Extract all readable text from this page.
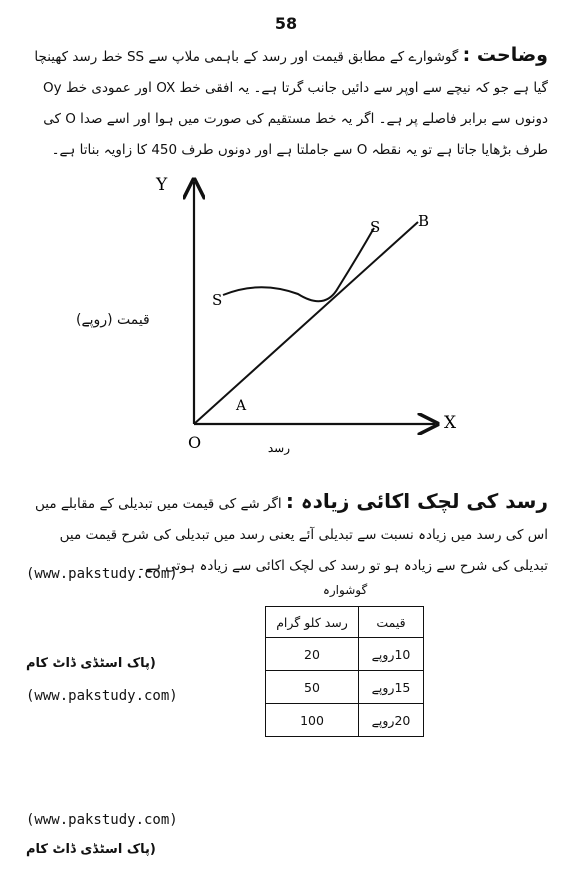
58
وضاحت : گوشوارے کے مطابق قیمت اور رسد کے باہمی ملاپ سے SS خط رسد کھینچا گیا ہے جو کہ نیچے سے اوپر سے دائیں جانب گرتا ہے۔ یہ افقی خط OX اور عمودی خط Oy دونوں سے برابر فاصلے پر ہے۔ اگر یہ خط مستقیم کی صورت میں ہوا اور اسے صدا O کی طرف بڑھایا جاتا ہے تو یہ نقطہ O سے جاملتا ہے اور دونوں طرف 450 کا زاویہ بناتا ہے۔
Y
X
O
S
S	B
A
رسد
قیمت (روپے)
رسد کی لچک اکائی زیادہ : اگر شے کی قیمت میں تبدیلی کے مقابلے میں اس کی رسد میں زیادہ نسبت سے تبدیلی آئے یعنی رسد میں تبدیلی کی شرح قیمت میں تبدیلی کی شرح سے زیادہ ہو تو رسد کی لچک اکائی سے زیادہ ہوتی ہے۔
(www.pakstudy.com)
گوشوارہ
رسد کلو گرام	قیمت
20	10روپے
50	15روپے
100	20روپے
(پاک اسٹڈی ڈاٹ کام
(www.pakstudy.com)
(www.pakstudy.com)
(پاک اسٹڈی ڈاٹ کام
